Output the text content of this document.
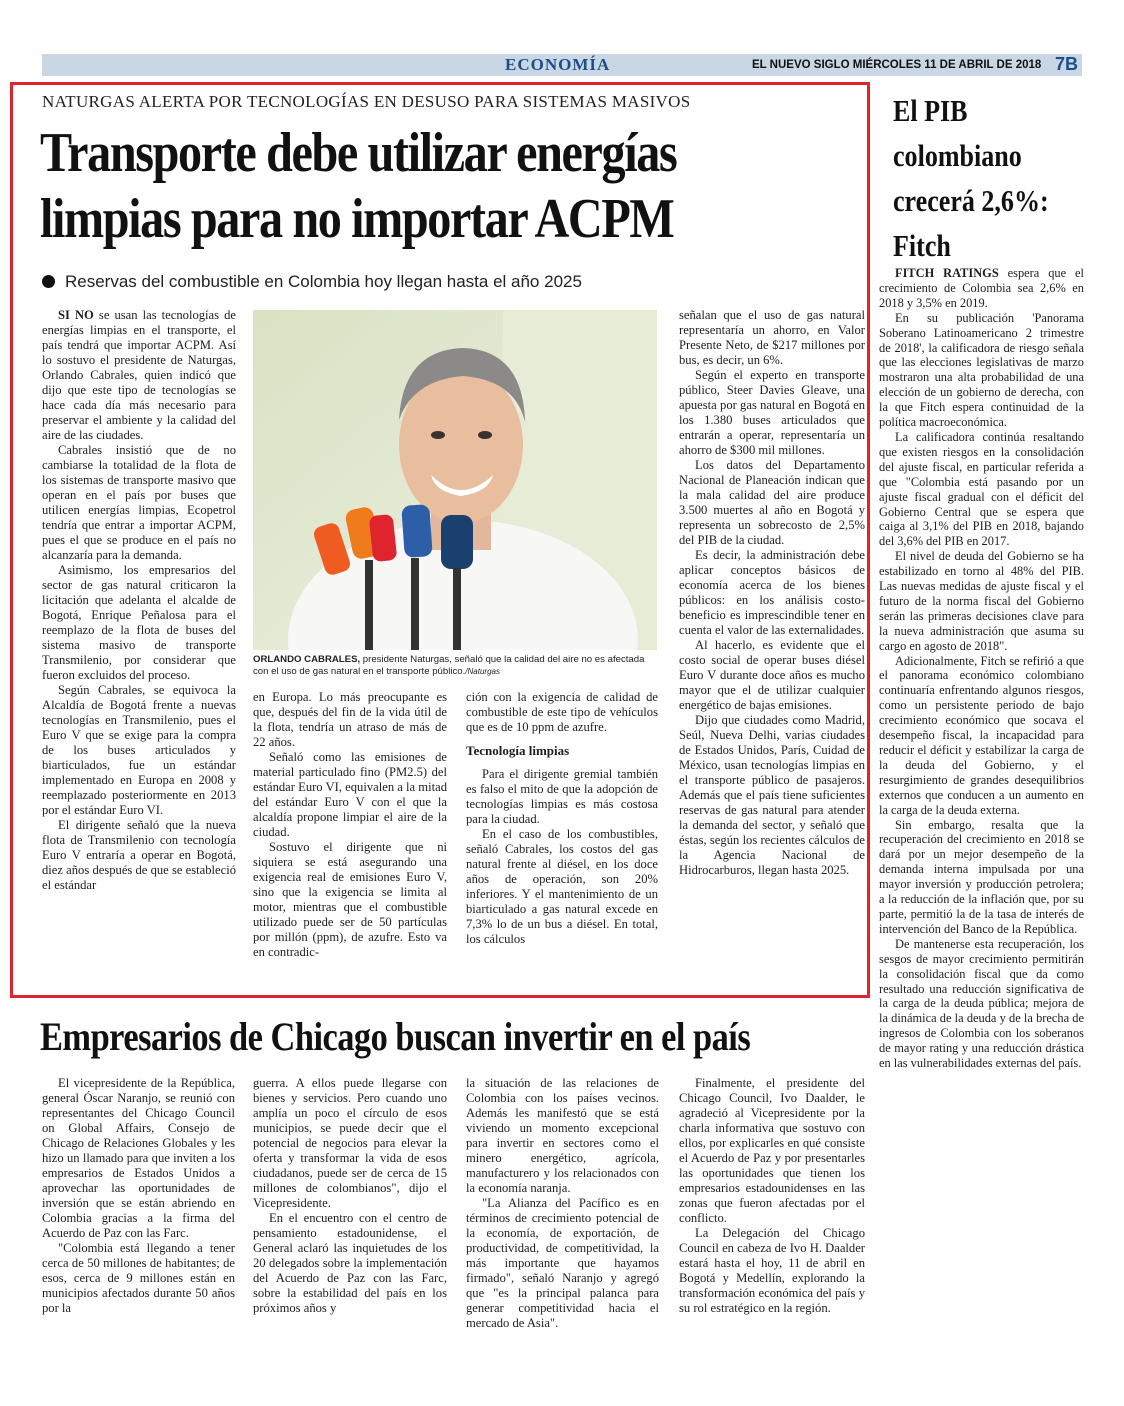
ECONOMÍA	EL NUEVO SIGLO MIÉRCOLES 11 DE ABRIL DE 2018 7B
NATURGAS ALERTA POR TECNOLOGÍAS EN DESUSO PARA SISTEMAS MASIVOS
Transporte debe utilizar energías limpias para no importar ACPM
Reservas del combustible en Colombia hoy llegan hasta el año 2025

SI NO se usan las tecnologías de energías limpias en el transporte, el país tendrá que importar ACPM. Así lo sostuvo el presidente de Naturgas, Orlando Cabrales, quien indicó que dijo que este tipo de tecnologías se hace cada día más necesario para preservar el ambiente y la calidad del aire de las ciudades.

Cabrales insistió que de no cambiarse la totalidad de la flota de los sistemas de transporte masivo que operan en el país por buses que utilicen energías limpias, Ecopetrol tendría que entrar a importar ACPM, pues el que se produce en el país no alcanzaría para la demanda.

Asimismo, los empresarios del sector de gas natural criticaron la licitación que adelanta el alcalde de Bogotá, Enrique Peñalosa para el reemplazo de la flota de buses del sistema masivo de transporte Transmilenio, por considerar que fueron excluidos del proceso.

Según Cabrales, se equivoca la Alcaldía de Bogotá frente a nuevas tecnologías en Transmilenio, pues el Euro V que se exige para la compra de los buses articulados y biarticulados, fue un estándar implementado en Europa en 2008 y reemplazado posteriormente en 2013 por el estándar Euro VI.

El dirigente señaló que la nueva flota de Transmilenio con tecnología Euro V entraría a operar en Bogotá, diez años después de que se estableció el estándar

ORLANDO CABRALES, presidente Naturgas, señaló que la calidad del aire no es afectada con el uso de gas natural en el transporte público./Naturgas

en Europa. Lo más preocupante es que, después del fin de la vida útil de la flota, tendría un atraso de más de 22 años.

Señaló como las emisiones de material particulado fino (PM2.5) del estándar Euro VI, equivalen a la mitad del estándar Euro V con el que la alcaldía propone limpiar el aire de la ciudad.

Sostuvo el dirigente que ni siquiera se está asegurando una exigencia real de emisiones Euro V, sino que la exigencia se limita al motor, mientras que el combustible utilizado puede ser de 50 partículas por millón (ppm), de azufre. Esto va en contradic-

ción con la exigencia de calidad de combustible de este tipo de vehículos que es de 10 ppm de azufre.

Tecnología limpias

Para el dirigente gremial también es falso el mito de que la adopción de tecnologías limpias es más costosa para la ciudad.

En el caso de los combustibles, señaló Cabrales, los costos del gas natural frente al diésel, en los doce años de operación, son 20% inferiores. Y el mantenimiento de un biarticulado a gas natural excede en 7,3% lo de un bus a diésel. En total, los cálculos

señalan que el uso de gas natural representaría un ahorro, en Valor Presente Neto, de $217 millones por bus, es decir, un 6%.

Según el experto en transporte público, Steer Davies Gleave, una apuesta por gas natural en Bogotá en los 1.380 buses articulados que entrarán a operar, representaría un ahorro de $300 mil millones.

Los datos del Departamento Nacional de Planeación indican que la mala calidad del aire produce 3.500 muertes al año en Bogotá y representa un sobrecosto de 2,5% del PIB de la ciudad.

Es decir, la administración debe aplicar conceptos básicos de economía acerca de los bienes públicos: en los análisis costo-beneficio es imprescindible tener en cuenta el valor de las externalidades.

Al hacerlo, es evidente que el costo social de operar buses diésel Euro V durante doce años es mucho mayor que el de utilizar cualquier energético de bajas emisiones.

Dijo que ciudades como Madrid, Seúl, Nueva Delhi, varias ciudades de Estados Unidos, París, Cuidad de México, usan tecnologías limpias en el transporte público de pasajeros. Además que el país tiene suficientes reservas de gas natural para atender la demanda del sector, y señaló que éstas, según los recientes cálculos de la Agencia Nacional de Hidrocarburos, llegan hasta 2025.

El PIB colombiano crecerá 2,6%: Fitch

FITCH RATINGS espera que el crecimiento de Colombia sea 2,6% en 2018 y 3,5% en 2019.

En su publicación 'Panorama Soberano Latinoamericano 2 trimestre de 2018', la calificadora de riesgo señala que las elecciones legislativas de marzo mostraron una alta probabilidad de una elección de un gobierno de derecha, con la que Fitch espera continuidad de la política macroeconómica.

La calificadora continúa resaltando que existen riesgos en la consolidación del ajuste fiscal, en particular referida a que "Colombia está pasando por un ajuste fiscal gradual con el déficit del Gobierno Central que se espera que caiga al 3,1% del PIB en 2018, bajando del 3,6% del PIB en 2017.

El nivel de deuda del Gobierno se ha estabilizado en torno al 48% del PIB. Las nuevas medidas de ajuste fiscal y el futuro de la norma fiscal del Gobierno serán las primeras decisiones clave para la nueva administración que asuma su cargo en agosto de 2018".

Adicionalmente, Fitch se refirió a que el panorama económico colombiano continuaría enfrentando algunos riesgos, como un persistente periodo de bajo crecimiento económico que socava el desempeño fiscal, la incapacidad para reducir el déficit y estabilizar la carga de la deuda del Gobierno, y el resurgimiento de grandes desequilibrios externos que conducen a un aumento en la carga de la deuda externa.

Sin embargo, resalta que la recuperación del crecimiento en 2018 se dará por un mejor desempeño de la demanda interna impulsada por una mayor inversión y producción petrolera; a la reducción de la inflación que, por su parte, permitió la de la tasa de interés de intervención del Banco de la República.

De mantenerse esta recuperación, los sesgos de mayor crecimiento permitirán la consolidación fiscal que da como resultado una reducción significativa de la carga de la deuda pública; mejora de la dinámica de la deuda y de la brecha de ingresos de Colombia con los soberanos de mayor rating y una reducción drástica en las vulnerabilidades externas del país.

Empresarios de Chicago buscan invertir en el país

El vicepresidente de la República, general Óscar Naranjo, se reunió con representantes del Chicago Council on Global Affairs, Consejo de Chicago de Relaciones Globales y les hizo un llamado para que inviten a los empresarios de Estados Unidos a aprovechar las oportunidades de inversión que se están abriendo en Colombia gracias a la firma del Acuerdo de Paz con las Farc.

"Colombia está llegando a tener cerca de 50 millones de habitantes; de esos, cerca de 9 millones están en municipios afectados durante 50 años por la

guerra. A ellos puede llegarse con bienes y servicios. Pero cuando uno amplía un poco el círculo de esos municipios, se puede decir que el potencial de negocios para elevar la oferta y transformar la vida de esos ciudadanos, puede ser de cerca de 15 millones de colombianos", dijo el Vicepresidente.

En el encuentro con el centro de pensamiento estadounidense, el General aclaró las inquietudes de los 20 delegados sobre la implementación del Acuerdo de Paz con las Farc, sobre la estabilidad del país en los próximos años y

la situación de las relaciones de Colombia con los países vecinos. Además les manifestó que se está viviendo un momento excepcional para invertir en sectores como el minero energético, agrícola, manufacturero y los relacionados con la economía naranja.

"La Alianza del Pacífico es en términos de crecimiento potencial de la economía, de exportación, de productividad, de competitividad, la más importante que hayamos firmado", señaló Naranjo y agregó que "es la principal palanca para generar competitividad hacia el mercado de Asia".

Finalmente, el presidente del Chicago Council, Ivo Daalder, le agradeció al Vicepresidente por la charla informativa que sostuvo con ellos, por explicarles en qué consiste el Acuerdo de Paz y por presentarles las oportunidades que tienen los empresarios estadounidenses en las zonas que fueron afectadas por el conflicto.

La Delegación del Chicago Council en cabeza de Ivo H. Daalder estará hasta el hoy, 11 de abril en Bogotá y Medellín, explorando la transformación económica del país y su rol estratégico en la región.
